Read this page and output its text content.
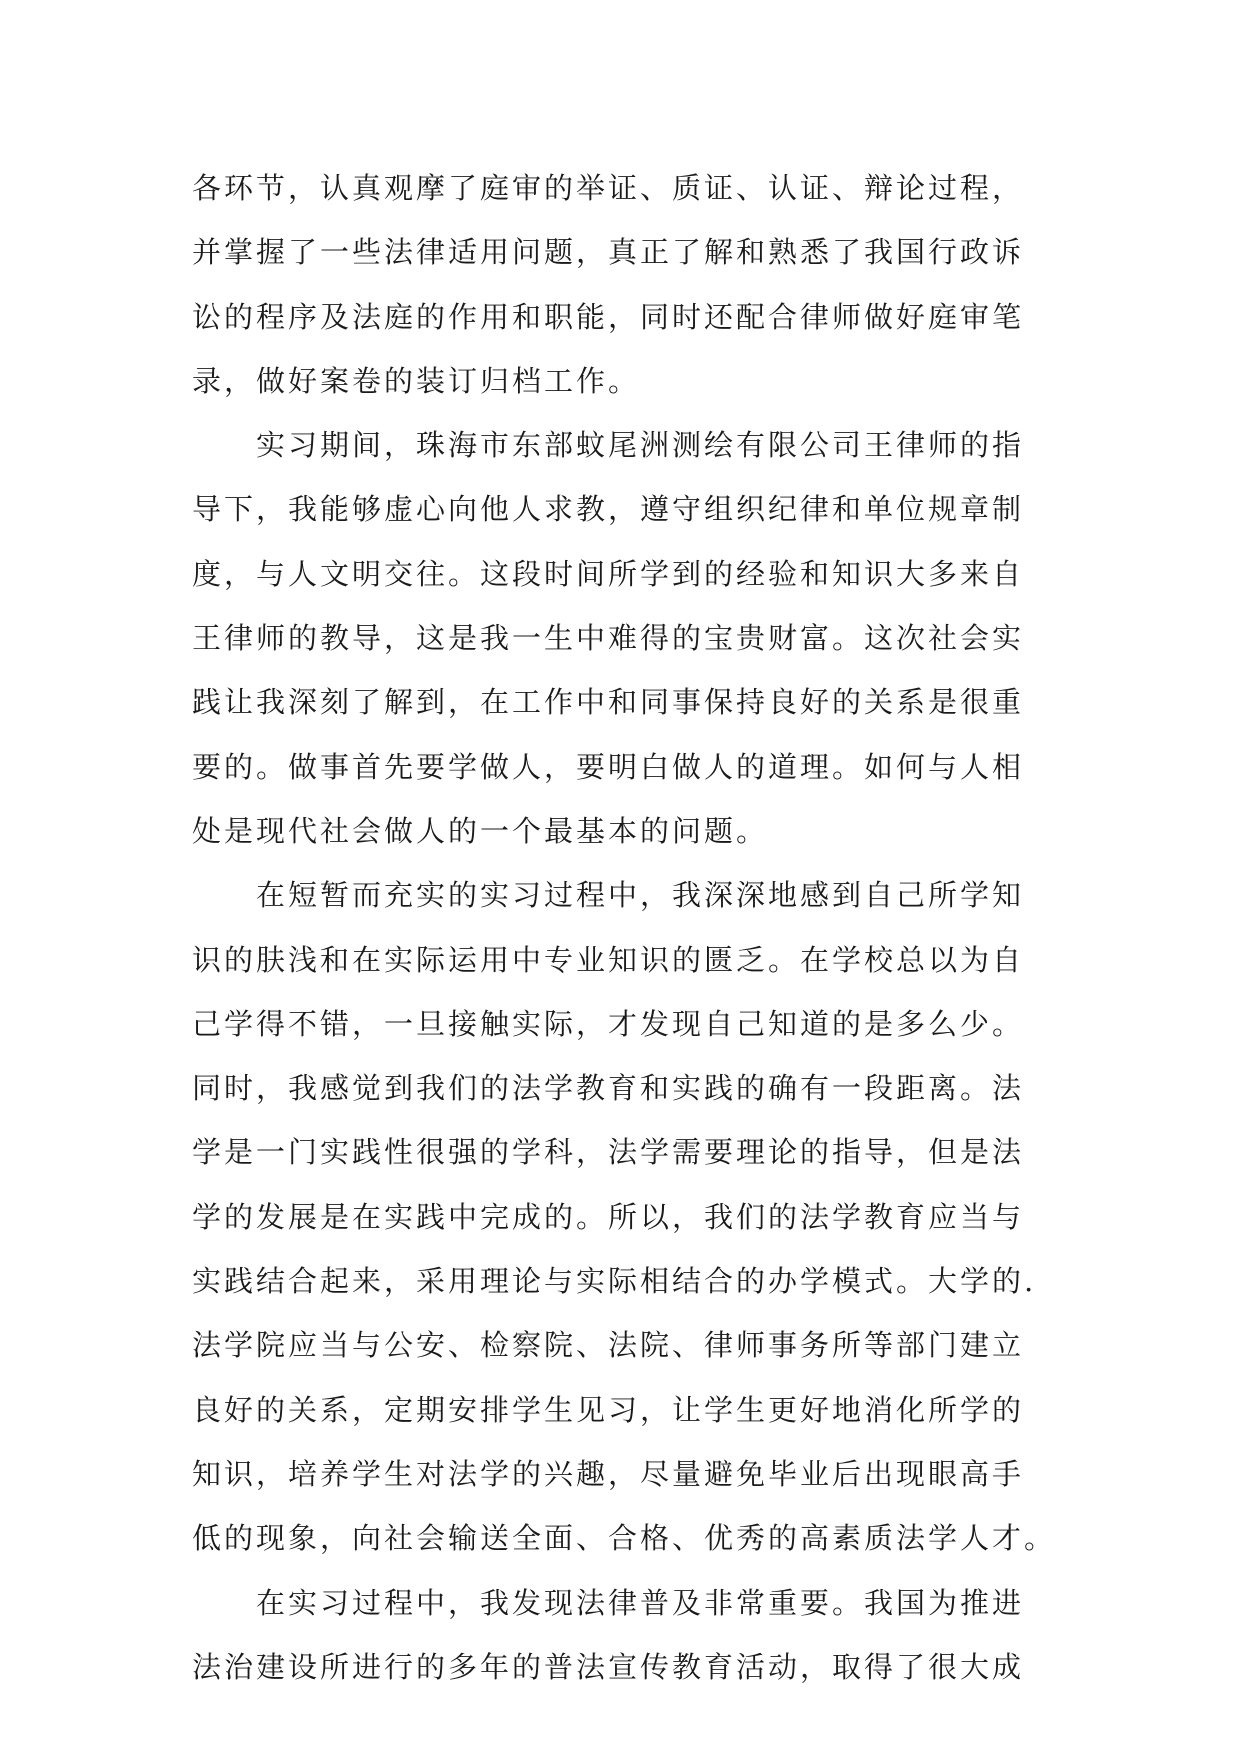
各环节，认真观摩了庭审的举证、质证、认证、辩论过程，
并掌握了一些法律适用问题，真正了解和熟悉了我国行政诉
讼的程序及法庭的作用和职能，同时还配合律师做好庭审笔
录，做好案卷的装订归档工作。
实习期间，珠海市东部蚊尾洲测绘有限公司王律师的指
导下，我能够虚心向他人求教，遵守组织纪律和单位规章制
度，与人文明交往。这段时间所学到的经验和知识大多来自
王律师的教导，这是我一生中难得的宝贵财富。这次社会实
践让我深刻了解到，在工作中和同事保持良好的关系是很重
要的。做事首先要学做人，要明白做人的道理。如何与人相
处是现代社会做人的一个最基本的问题。
在短暂而充实的实习过程中，我深深地感到自己所学知
识的肤浅和在实际运用中专业知识的匮乏。在学校总以为自
己学得不错，一旦接触实际，才发现自己知道的是多么少。
同时，我感觉到我们的法学教育和实践的确有一段距离。法
学是一门实践性很强的学科，法学需要理论的指导，但是法
学的发展是在实践中完成的。所以，我们的法学教育应当与
实践结合起来，采用理论与实际相结合的办学模式。大学的.
法学院应当与公安、检察院、法院、律师事务所等部门建立
良好的关系，定期安排学生见习，让学生更好地消化所学的
知识，培养学生对法学的兴趣，尽量避免毕业后出现眼高手
低的现象，向社会输送全面、合格、优秀的高素质法学人才。
在实习过程中，我发现法律普及非常重要。我国为推进
法治建设所进行的多年的普法宣传教育活动，取得了很大成
